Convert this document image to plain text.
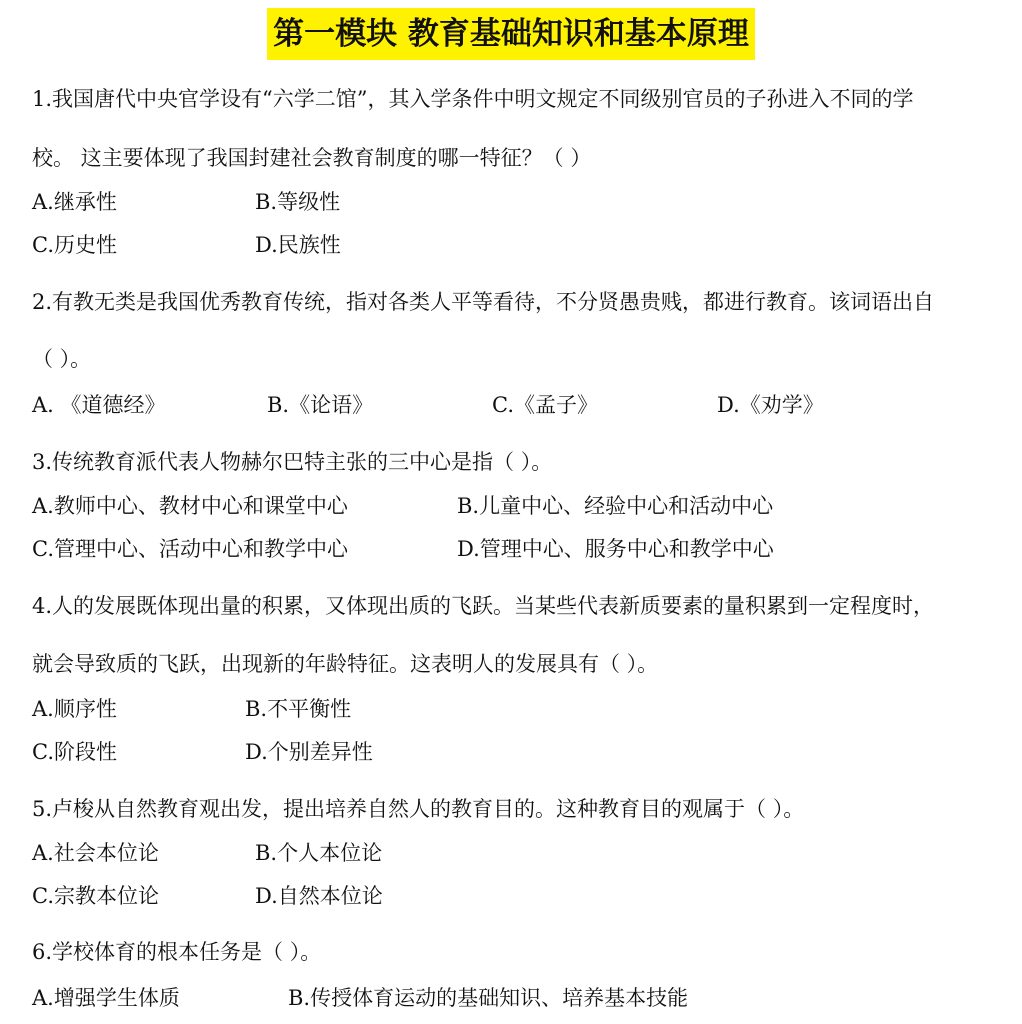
第一模块 教育基础知识和基本原理
1.我国唐代中央官学设有“六学二馆”，其入学条件中明文规定不同级别官员的子孙进入不同的学
校。 这主要体现了我国封建社会教育制度的哪一特征？（ ）
A.继承性	B.等级性
C.历史性	D.民族性
2.有教无类是我国优秀教育传统，指对各类人平等看待，不分贤愚贵贱，都进行教育。该词语出自
（ ）。
A. 《道德经》	B.《论语》	C.《孟子》	D.《劝学》
3.传统教育派代表人物赫尔巴特主张的三中心是指（ ）。
A.教师中心、教材中心和课堂中心	B.儿童中心、经验中心和活动中心
C.管理中心、活动中心和教学中心	D.管理中心、服务中心和教学中心
4.人的发展既体现出量的积累，又体现出质的飞跃。当某些代表新质要素的量积累到一定程度时，
就会导致质的飞跃，出现新的年龄特征。这表明人的发展具有（ ）。
A.顺序性	B.不平衡性
C.阶段性	D.个别差异性
5.卢梭从自然教育观出发，提出培养自然人的教育目的。这种教育目的观属于（ ）。
A.社会本位论	B.个人本位论
C.宗教本位论	D.自然本位论
6.学校体育的根本任务是（ ）。
A.增强学生体质	B.传授体育运动的基础知识、培养基本技能
